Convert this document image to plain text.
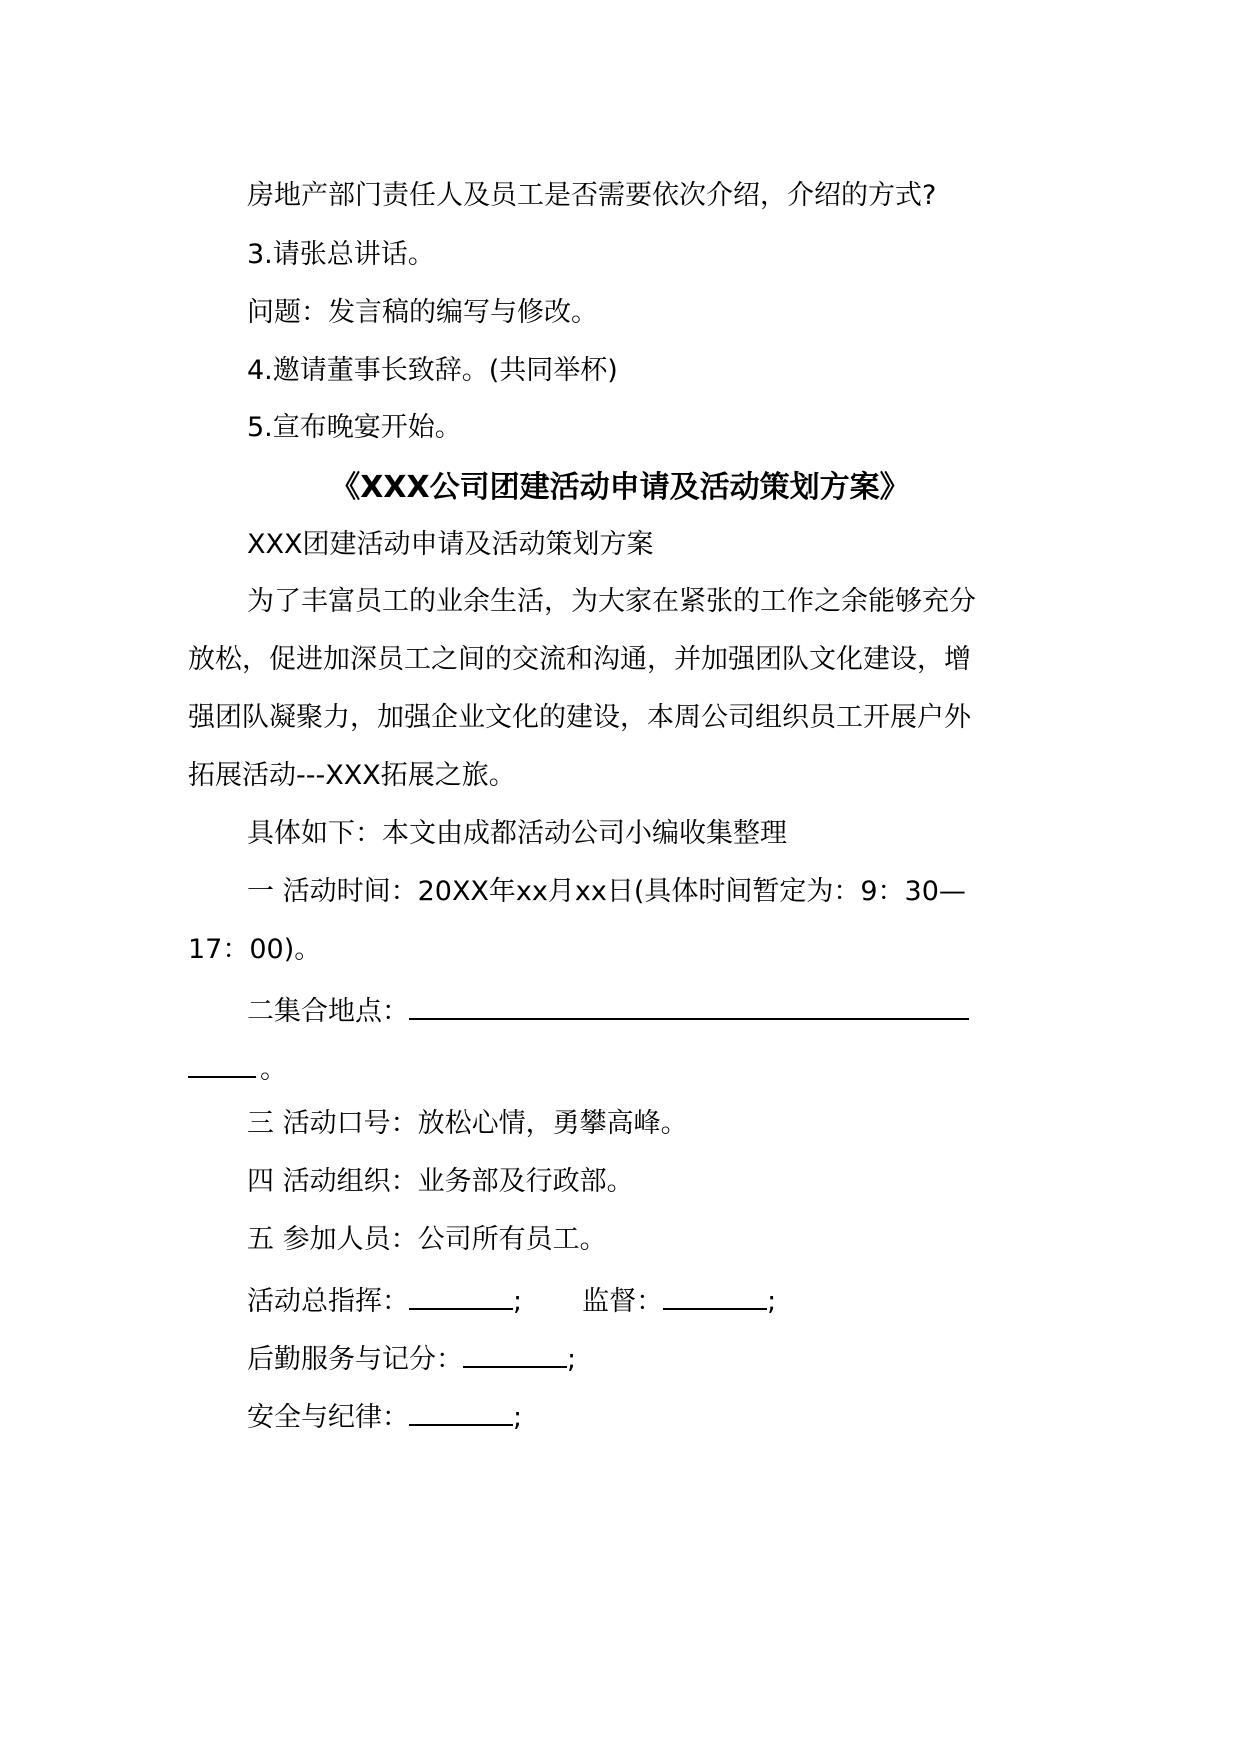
房地产部门责任人及员工是否需要依次介绍，介绍的方式?
3.请张总讲话。
问题：发言稿的编写与修改。
4.邀请董事长致辞。(共同举杯)
5.宣布晚宴开始。
《XXX公司团建活动申请及活动策划方案》
XXX团建活动申请及活动策划方案
为了丰富员工的业余生活，为大家在紧张的工作之余能够充分
放松，促进加深员工之间的交流和沟通，并加强团队文化建设，增
强团队凝聚力，加强企业文化的建设，本周公司组织员工开展户外
拓展活动---XXX拓展之旅。
具体如下：本文由成都活动公司小编收集整理
一 活动时间：20XX年xx月xx日(具体时间暂定为：9：30—
17：00)。
二集合地点：
。
三 活动口号：放松心情，勇攀高峰。
四 活动组织：业务部及行政部。
五 参加人员：公司所有员工。
活动总指挥：	; 监督：	;
后勤服务与记分：	;
安全与纪律：	;
